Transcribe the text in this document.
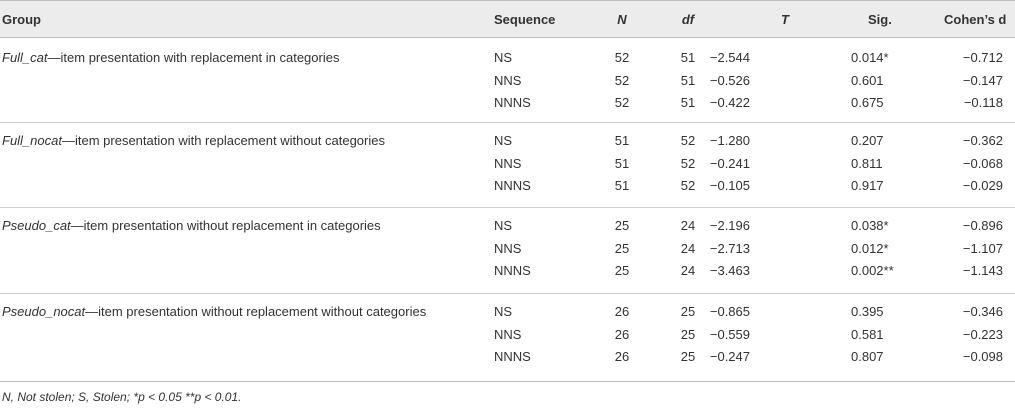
Group	Sequence	N	df	T	Sig.	Cohen’s d
Full_cat—item presentation with replacement in categories	NS	52	51	−2.544	0.014*	−0.712
NNS	52	51	−0.526	0.601	−0.147
NNNS	52	51	−0.422	0.675	−0.118
Full_nocat—item presentation with replacement without categories	NS	51	52	−1.280	0.207	−0.362
NNS	51	52	−0.241	0.811	−0.068
NNNS	51	52	−0.105	0.917	−0.029
Pseudo_cat—item presentation without replacement in categories	NS	25	24	−2.196	0.038*	−0.896
NNS	25	24	−2.713	0.012*	−1.107
NNNS	25	24	−3.463	0.002**	−1.143
Pseudo_nocat—item presentation without replacement without categories	NS	26	25	−0.865	0.395	−0.346
NNS	26	25	−0.559	0.581	−0.223
NNNS	26	25	−0.247	0.807	−0.098
N, Not stolen; S, Stolen; *p < 0.05 **p < 0.01.
